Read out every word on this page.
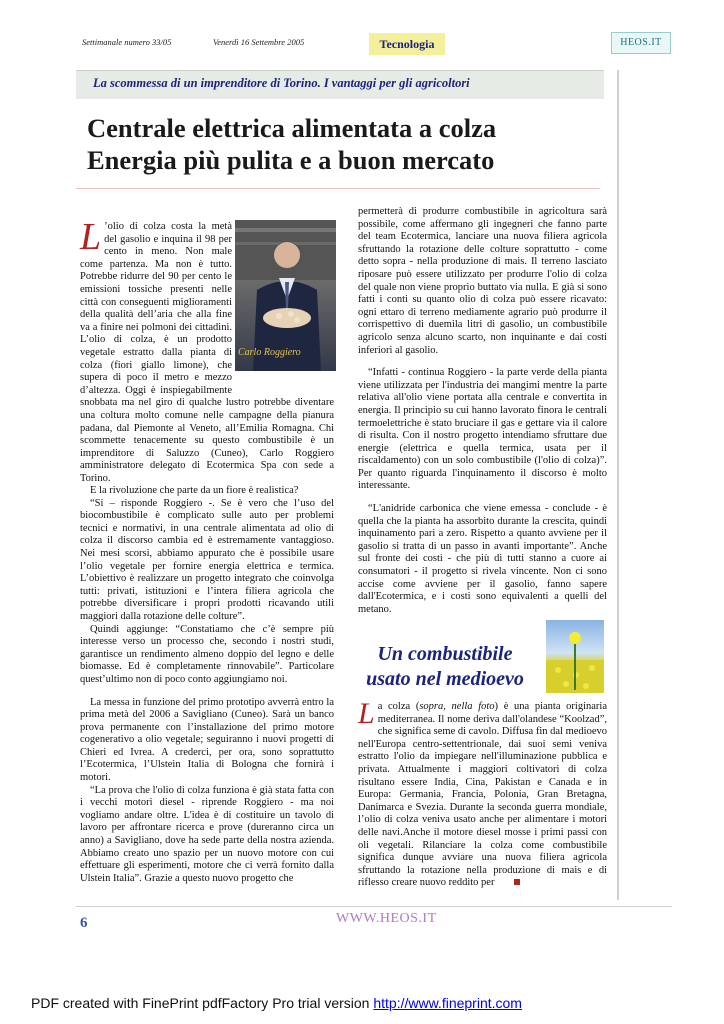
Settimanale numero 33/05	Venerdì 16 Settembre 2005	Tecnologia	HEOS.IT
La scommessa di un imprenditore di Torino. I vantaggi per gli agricoltori
Centrale elettrica alimentata a colza
Energia più pulita e a buon mercato
Carlo Roggiero
L ’olio di colza costa la metà del gasolio e inquina il 98 per cento in meno. Non male come partenza. Ma non è tutto. Potrebbe ridurre del 90 per cento le emissioni tossiche presenti nelle città con conseguenti miglioramenti della qualità dell’aria che alla fine va a finire nei polmoni dei cittadini. L’olio di colza, è un prodotto vegetale estratto dalla pianta di colza (fiori giallo limone), che supera di poco il metro e mezzo d’altezza. Oggi è inspiegabilmente snobbata ma nel giro di qualche lustro potrebbe diventare una coltura molto comune nelle campagne della pianura padana, dal Piemonte al Veneto, all’Emilia Romagna. Chi scommette tenacemente su questo combustibile è un imprenditore di Saluzzo (Cuneo), Carlo Roggiero amministratore delegato di Ecotermica Spa con sede a Torino.

E la rivoluzione che parte da un fiore è realistica?

“Si – risponde Roggiero -. Se è vero che l’uso del biocombustibile è complicato sulle auto per problemi tecnici e normativi, in una centrale alimentata ad olio di colza il discorso cambia ed è estremamente vantaggioso. Nei mesi scorsi, abbiamo appurato che è possibile usare l’olio vegetale per fornire energia elettrica e termica. L’obiettivo è realizzare un progetto integrato che coinvolga tutti: privati, istituzioni e l’intera filiera agricola che potrebbe diversificare i propri prodotti ricavando utili maggiori dalla rotazione delle colture”.

Quindi aggiunge: “Constatiamo che c’è sempre più interesse verso un processo che, secondo i nostri studi, garantisce un rendimento almeno doppio del legno e delle biomasse. Ed è completamente rinnovabile”. Particolare quest’ultimo non di poco conto aggiungiamo noi.

La messa in funzione del primo prototipo avverrà entro la prima metà del 2006 a Savigliano (Cuneo). Sarà un banco prova permanente con l’installazione del primo motore cogenerativo a olio vegetale; seguiranno i nuovi progetti di Chieri ed Ivrea. A crederci, per ora, sono soprattutto l’Ecotermica, l’Ulstein Italia di Bologna che fornirà i motori.

“La prova che l'olio di colza funziona è già stata fatta con i vecchi motori diesel - riprende Roggiero - ma noi vogliamo andare oltre. L'idea è di costituire un tavolo di lavoro per affrontare ricerca e prove (dureranno circa un anno) a Savigliano, dove ha sede parte della nostra azienda. Abbiamo creato uno spazio per un nuovo motore con cui effettuare gli esperimenti, motore che ci verrà fornito dalla Ulstein Italia”. Grazie a questo nuovo progetto che

permetterà di produrre combustibile in agricoltura sarà possibile, come affermano gli ingegneri che fanno parte del team Ecotermica, lanciare una nuova filiera agricola sfruttando la rotazione delle colture soprattutto - come detto sopra - nella produzione di mais. Il terreno lasciato riposare può essere utilizzato per produrre l'olio di colza del quale non viene proprio buttato via nulla. E già si sono fatti i conti su quanto olio di colza può essere ricavato: ogni ettaro di terreno mediamente agrario può produrre il corrispettivo di duemila litri di gasolio, un combustibile agricolo senza alcuno scarto, non inquinante e dai costi inferiori al gasolio.

“Infatti - continua Roggiero - la parte verde della pianta viene utilizzata per l'industria dei mangimi mentre la parte relativa all'olio viene portata alla centrale e convertita in energia. Il principio su cui hanno lavorato finora le centrali termoelettriche è stato bruciare il gas e gettare via il calore di risulta. Con il nostro progetto intendiamo sfruttare due energie (elettrica e quella termica, usata per il riscaldamento) con un solo combustibile (l'olio di colza)”. Per quanto riguarda l'inquinamento il discorso è molto interessante.

“L'anidride carbonica che viene emessa - conclude - è quella che la pianta ha assorbito durante la crescita, quindi inquinamento pari a zero. Rispetto a quanto avviene per il gasolio si tratta di un passo in avanti importante”. Anche sul fronte dei costi - che più di tutti stanno a cuore ai consumatori - il progetto si rivela vincente. Non ci sono accise come avviene per il gasolio, fanno sapere dall'Ecotermica, e i costi sono equivalenti a quelli del metano.

Un combustibile
usato nel medioevo

La colza (sopra, nella foto) è una pianta originaria mediterranea. Il nome deriva dall'olandese “Koolzad”, che significa seme di cavolo. Diffusa fin dal medioevo nell'Europa centro-settentrionale, dai suoi semi veniva estratto l'olio da impiegare nell'illuminazione pubblica e privata. Attualmente i maggiori coltivatori di colza risultano essere India, Cina, Pakistan e Canada e in Europa: Germania, Francia, Polonia, Gran Bretagna, Danimarca e Svezia. Durante la seconda guerra mondiale, l’olio di colza veniva usato anche per alimentare i motori delle navi.Anche il motore diesel mosse i primi passi con oli vegetali. Rilanciare la colza come combustibile significa dunque avviare una nuova filiera agricola sfruttando la rotazione nella produzione di mais e di riflesso creare nuovo reddito per

6	WWW.HEOS.IT
PDF created with FinePrint pdfFactory Pro trial version http://www.fineprint.com
